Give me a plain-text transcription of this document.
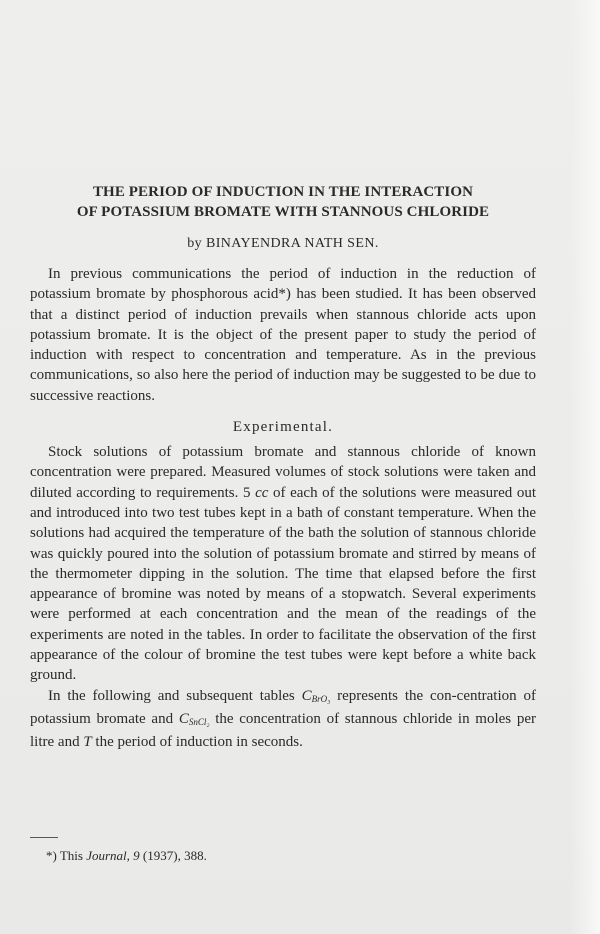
THE PERIOD OF INDUCTION IN THE INTERACTION
OF POTASSIUM BROMATE WITH STANNOUS CHLORIDE

by BINAYENDRA NATH SEN.

In previous communications the period of induction in the reduction of potassium bromate by phosphorous acid*) has been studied. It has been observed that a distinct period of induction prevails when stannous chloride acts upon potassium bromate. It is the object of the present paper to study the period of induction with respect to concentration and temperature. As in the previous communications, so also here the period of induction may be suggested to be due to successive reactions.

Experimental.

Stock solutions of potassium bromate and stannous chloride of known concentration were prepared. Measured volumes of stock solutions were taken and diluted according to requirements. 5 cc of each of the solutions were measured out and introduced into two test tubes kept in a bath of constant temperature. When the solutions had acquired the temperature of the bath the solution of stannous chloride was quickly poured into the solution of potassium bromate and stirred by means of the thermometer dipping in the solution. The time that elapsed before the first appearance of bromine was noted by means of a stopwatch. Several experiments were performed at each concentration and the mean of the readings of the experiments are noted in the tables. In order to facilitate the observation of the first appearance of the colour of bromine the test tubes were kept before a white back ground.

In the following and subsequent tables $C_{BrO_3}$ represents the con-centration of potassium bromate and $C_{SnCl_2}$ the concentration of stannous chloride in moles per litre and T the period of induction in seconds.

*) This Journal, 9 (1937), 388.
